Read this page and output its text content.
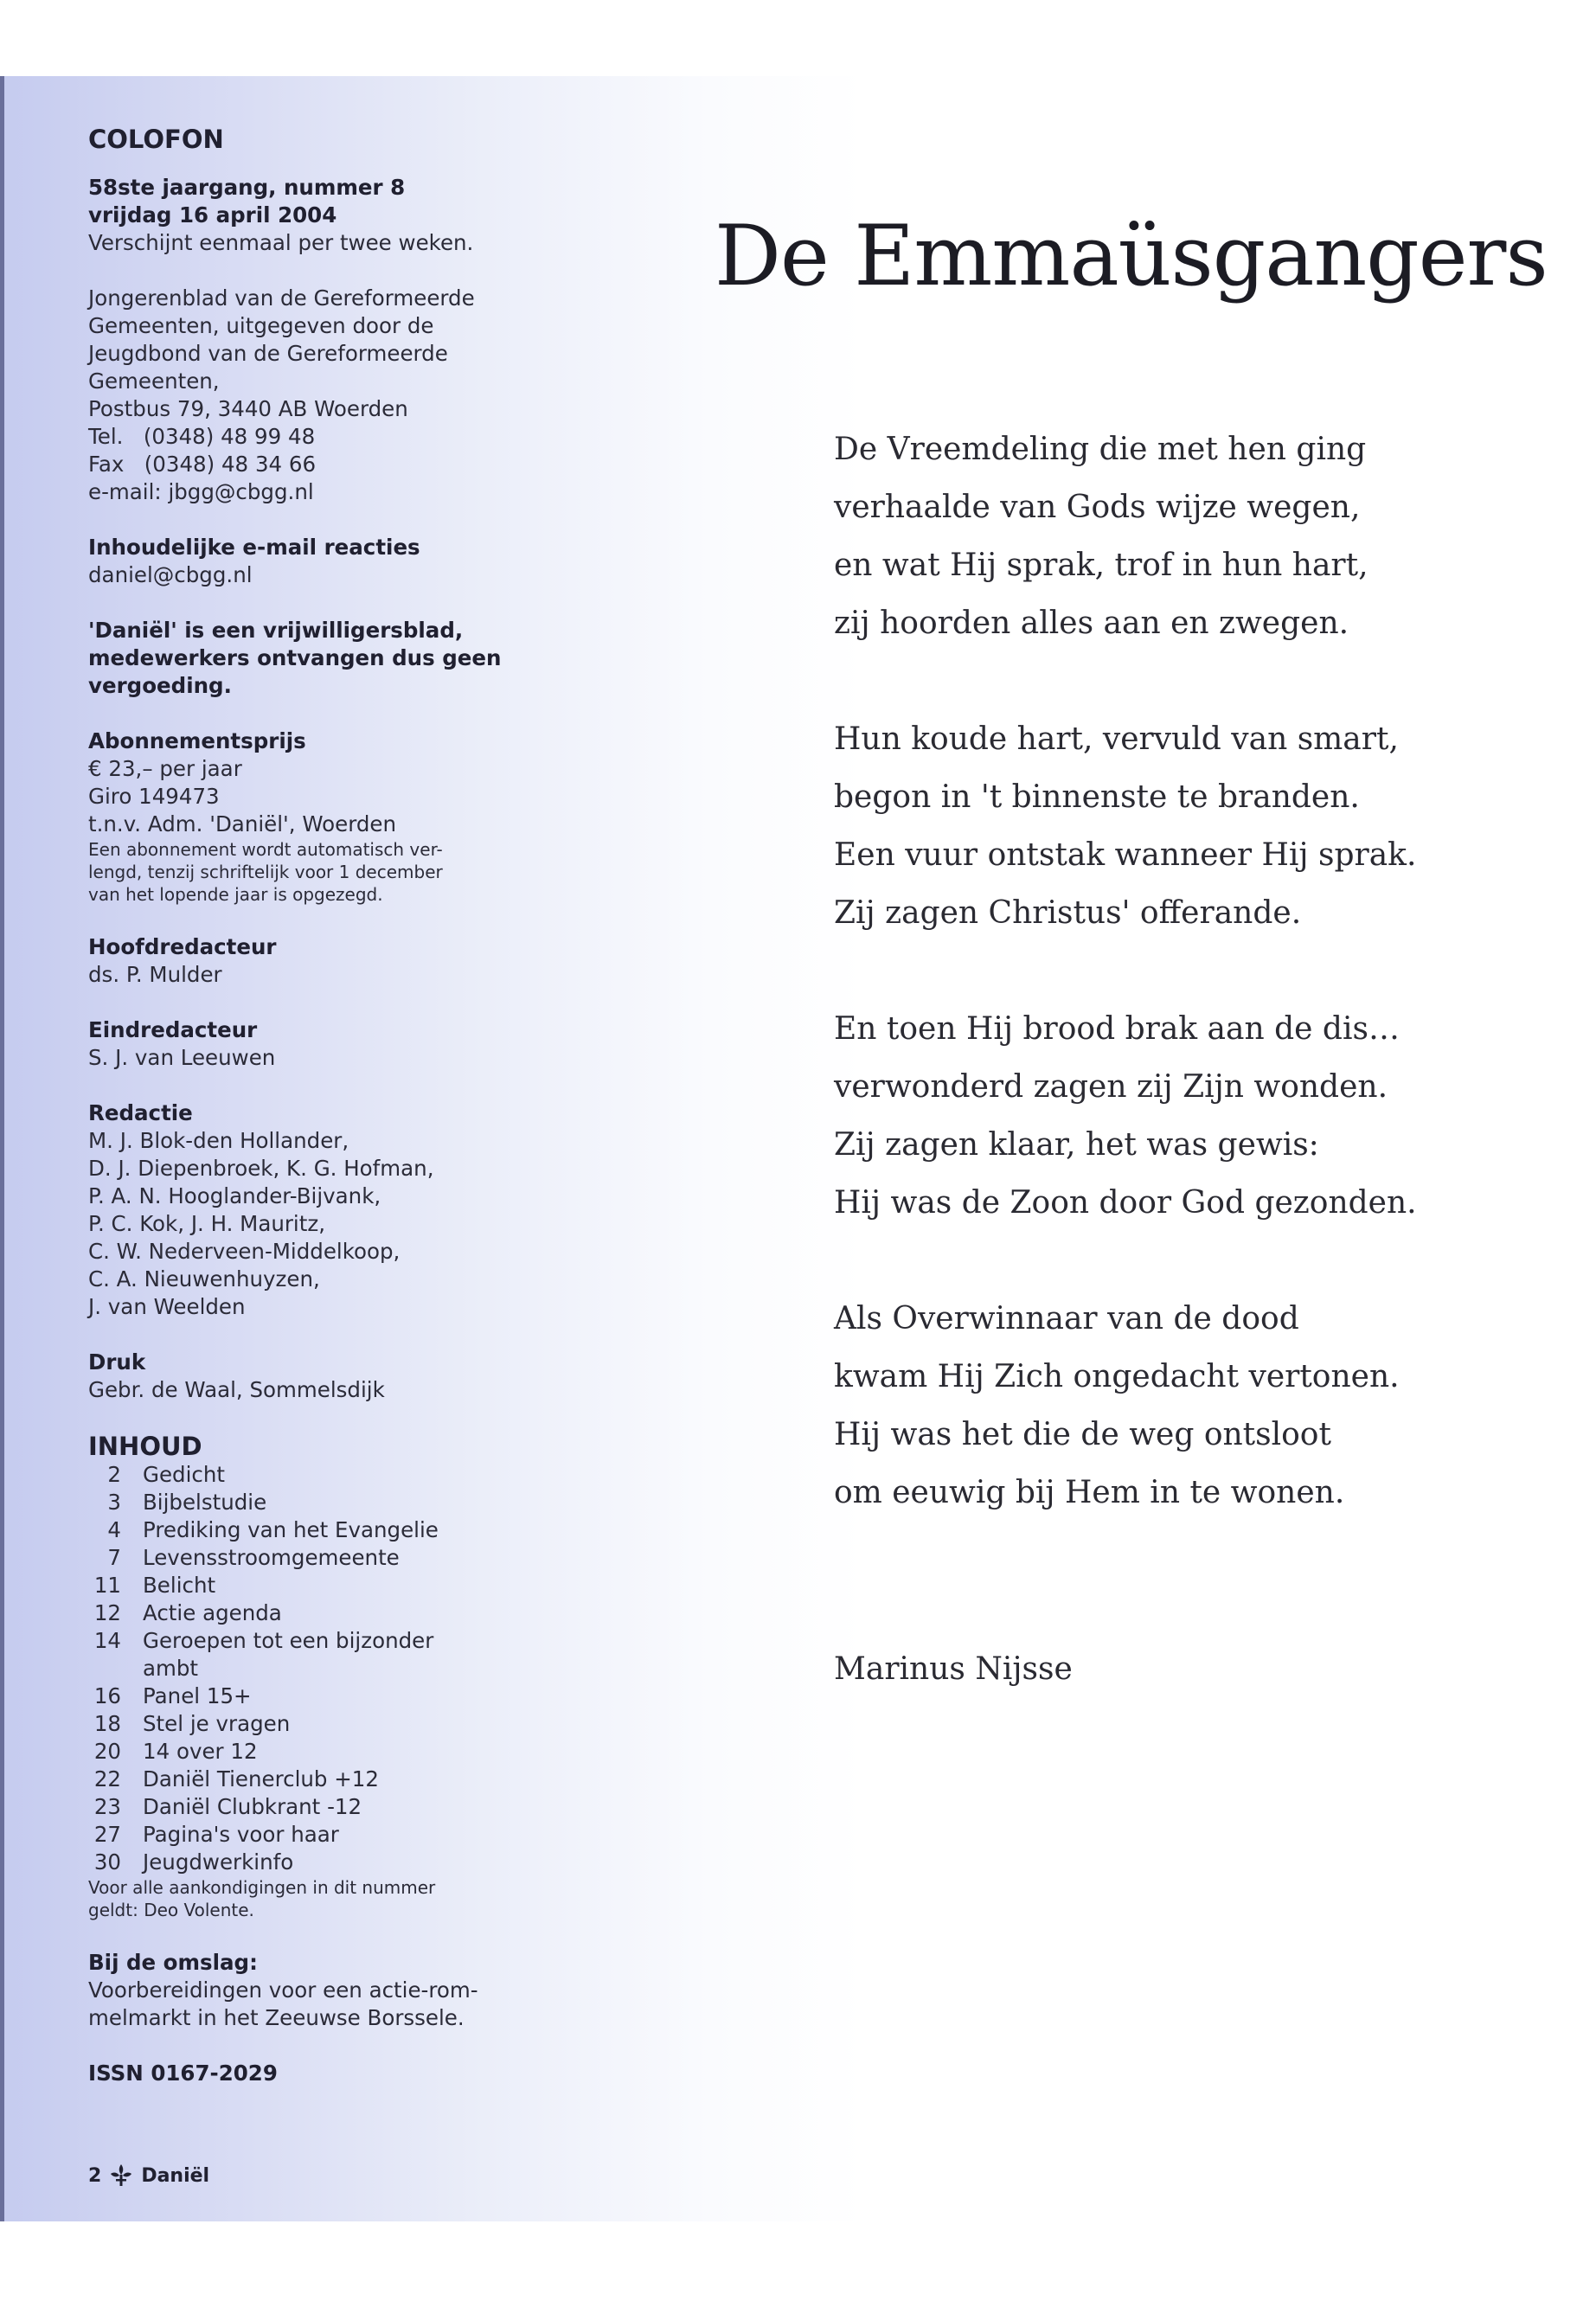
COLOFON
58ste jaargang, nummer 8
vrijdag 16 april 2004
Verschijnt eenmaal per twee weken.
Jongerenblad van de Gereformeerde
Gemeenten, uitgegeven door de
Jeugdbond van de Gereformeerde
Gemeenten,
Postbus 79, 3440 AB Woerden
Tel.   (0348) 48 99 48
Fax   (0348) 48 34 66
e-mail: jbgg@cbgg.nl
Inhoudelijke e-mail reacties
daniel@cbgg.nl
'Daniël' is een vrijwilligersblad,
medewerkers ontvangen dus geen
vergoeding.
Abonnementsprijs
€ 23,– per jaar
Giro 149473
t.n.v. Adm. 'Daniël', Woerden
Een abonnement wordt automatisch ver-
lengd, tenzij schriftelijk voor 1 december
van het lopende jaar is opgezegd.
Hoofdredacteur
ds. P. Mulder
Eindredacteur
S. J. van Leeuwen
Redactie
M. J. Blok-den Hollander,
D. J. Diepenbroek, K. G. Hofman,
P. A. N. Hooglander-Bijvank,
P. C. Kok, J. H. Mauritz,
C. W. Nederveen-Middelkoop,
C. A. Nieuwenhuyzen,
J. van Weelden
Druk
Gebr. de Waal, Sommelsdijk
INHOUD
2	Gedicht
3	Bijbelstudie
4	Prediking van het Evangelie
7	Levensstroomgemeente
11	Belicht
12	Actie agenda
14	Geroepen tot een bijzonder
ambt
16	Panel 15+
18	Stel je vragen
20	14 over 12
22	Daniël Tienerclub +12
23	Daniël Clubkrant -12
27	Pagina's voor haar
30	Jeugdwerkinfo
Voor alle aankondigingen in dit nummer
geldt: Deo Volente.
Bij de omslag:
Voorbereidingen voor een actie-rom-
melmarkt in het Zeeuwse Borssele.
ISSN 0167-2029
2 Daniël
De Emmaüsgangers
De Vreemdeling die met hen ging
verhaalde van Gods wijze wegen,
en wat Hij sprak, trof in hun hart,
zij hoorden alles aan en zwegen.
Hun koude hart, vervuld van smart,
begon in 't binnenste te branden.
Een vuur ontstak wanneer Hij sprak.
Zij zagen Christus' offerande.
En toen Hij brood brak aan de dis…
verwonderd zagen zij Zijn wonden.
Zij zagen klaar, het was gewis:
Hij was de Zoon door God gezonden.
Als Overwinnaar van de dood
kwam Hij Zich ongedacht vertonen.
Hij was het die de weg ontsloot
om eeuwig bij Hem in te wonen.
Marinus Nijsse
